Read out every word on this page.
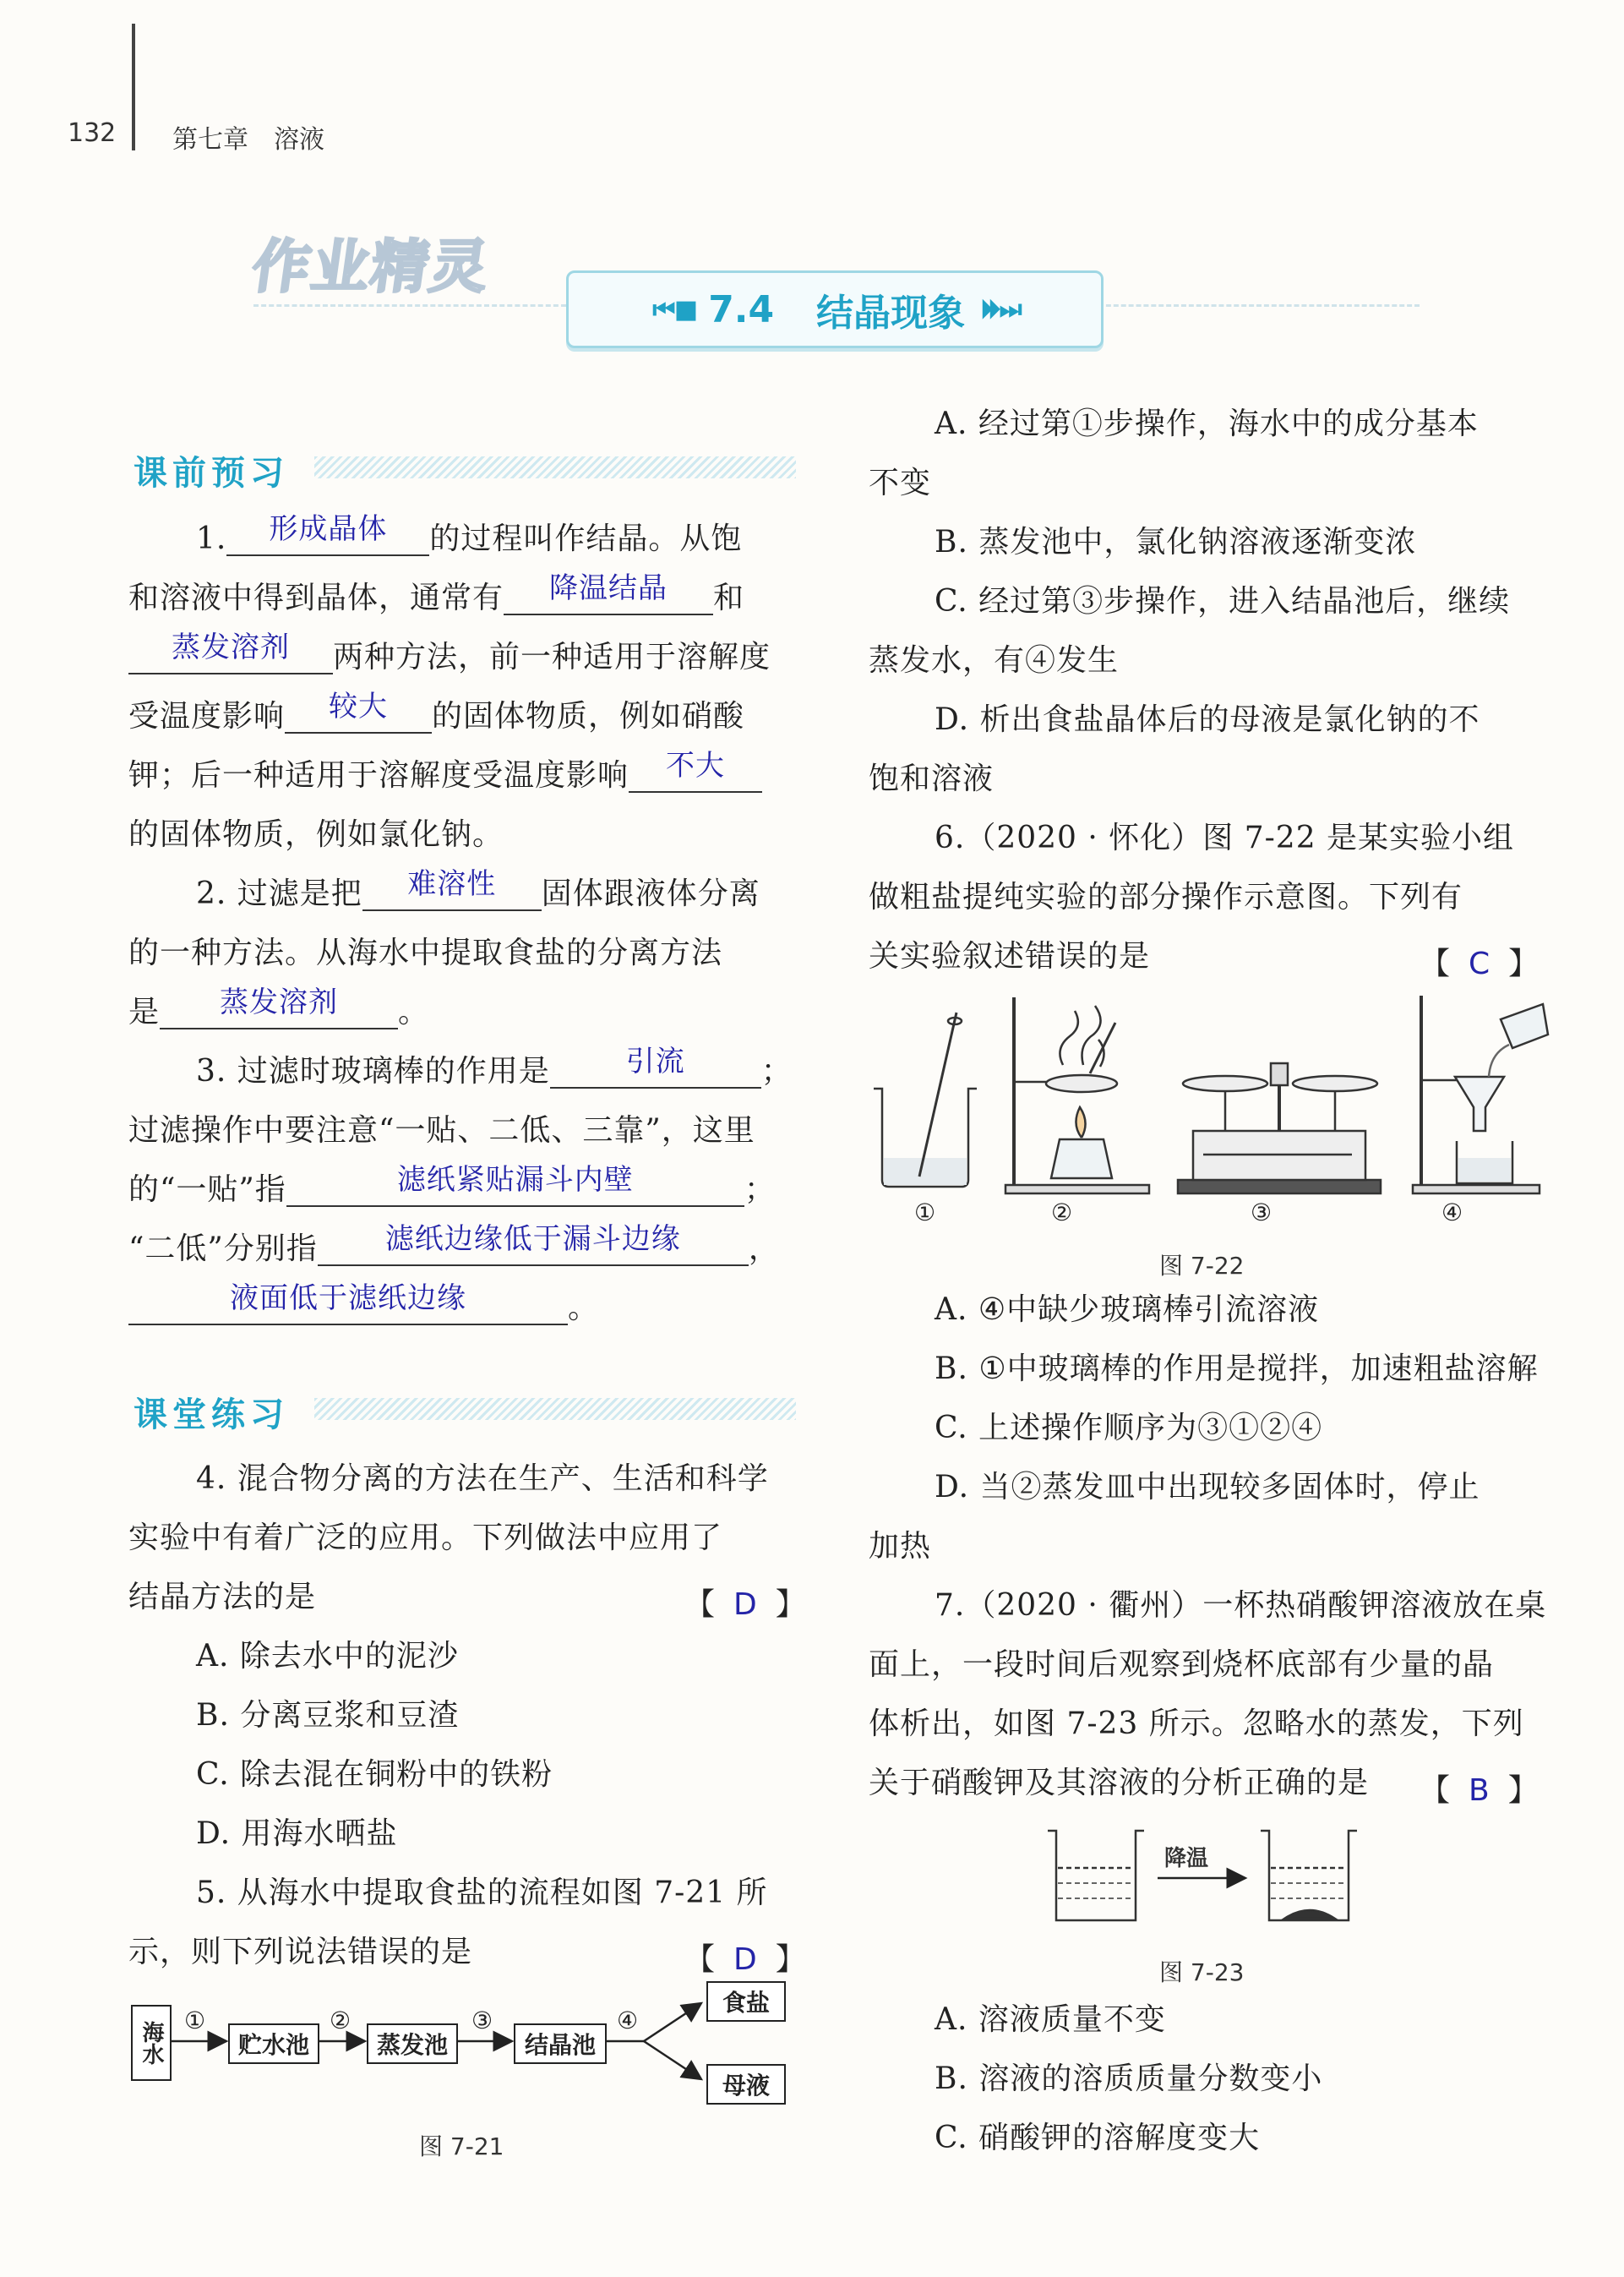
132 第七章　溶液
作业精灵
⏮ ■ 7.4 结晶现象 ⏵⏵ ⏭
课前预习
1.	形成晶体	的过程叫作结晶。从饱
和溶液中得到晶体，通常有	降温结晶	和
蒸发溶剂	两种方法，前一种适用于溶解度
受温度影响	较大	的固体物质，例如硝酸
钾；后一种适用于溶解度受温度影响	不大
的固体物质，例如氯化钠。
2. 过滤是把	难溶性	固体跟液体分离
的一种方法。从海水中提取食盐的分离方法
是	蒸发溶剂	。
3. 过滤时玻璃棒的作用是	引流	；
过滤操作中要注意“一贴、二低、三靠”，这里
的“一贴”指	滤纸紧贴漏斗内壁	；
“二低”分别指	滤纸边缘低于漏斗边缘	，
液面低于滤纸边缘	。
课堂练习
4. 混合物分离的方法在生产、生活和科学
实验中有着广泛的应用。下列做法中应用了
结晶方法的是	【 D 】
A. 除去水中的泥沙
B. 分离豆浆和豆渣
C. 除去混在铜粉中的铁粉
D. 用海水晒盐
5. 从海水中提取食盐的流程如图 7-21 所
示，则下列说法错误的是	【 D 】
海水
①
贮水池
②
蒸发池
③
结晶池
④
食盐
母液
图 7-21
A. 经过第①步操作，海水中的成分基本
不变
B. 蒸发池中，氯化钠溶液逐渐变浓
C. 经过第③步操作，进入结晶池后，继续
蒸发水，有④发生
D. 析出食盐晶体后的母液是氯化钠的不
饱和溶液
6.（2020 · 怀化）图 7-22 是某实验小组
做粗盐提纯实验的部分操作示意图。下列有
关实验叙述错误的是	【 C 】
①	②	③	④
图 7-22
A. ④中缺少玻璃棒引流溶液
B. ①中玻璃棒的作用是搅拌，加速粗盐溶解
C. 上述操作顺序为③①②④
D. 当②蒸发皿中出现较多固体时，停止
加热
7.（2020 · 衢州）一杯热硝酸钾溶液放在桌
面上，一段时间后观察到烧杯底部有少量的晶
体析出，如图 7-23 所示。忽略水的蒸发，下列
关于硝酸钾及其溶液的分析正确的是 【 B 】
降温
图 7-23
A. 溶液质量不变
B. 溶液的溶质质量分数变小
C. 硝酸钾的溶解度变大
